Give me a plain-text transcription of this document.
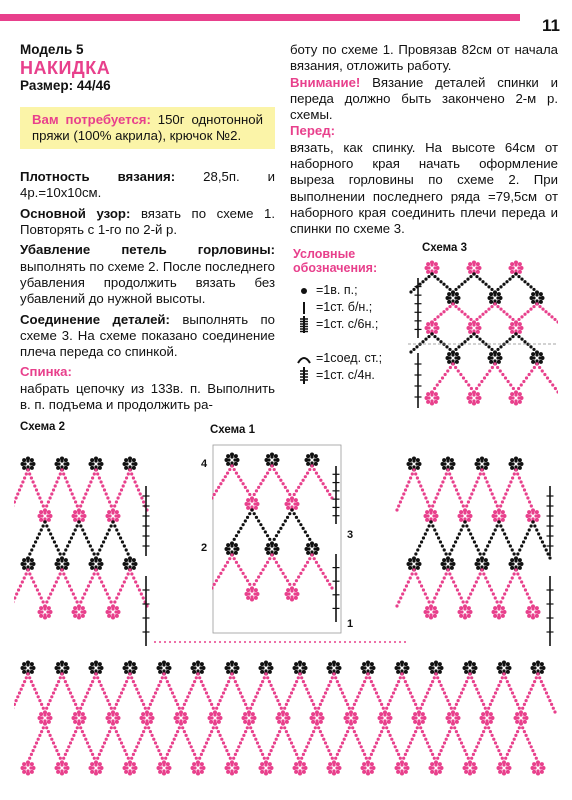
11
Модель 5
НАКИДКА
Размер: 44/46
Вам потребуется: 150г однотонной пряжи (100% акрила), крючок №2.

Плотность вязания: 28,5п. и 4р.=10х10см.

Основной узор: вязать по схеме 1. Повторять с 1-го по 2-й р.

Убавление петель горловины: выполнять по схеме 2. После последнего убавления продолжить вязать без убавлений до нужной высоты.

Соединение деталей: выполнять по схеме 3. На схеме показано соединение плеча переда со спинкой.

Спинка:

набрать цепочку из 133в. п. Выполнить в. п. подъема и продолжить ра-

боту по схеме 1. Провязав 82см от начала вязания, отложить работу.

Внимание! Вязание деталей спинки и переда должно быть закончено 2-м р. схемы.

Перед:

вязать, как спинку. На высоте 64см от наборного края начать оформление выреза горловины по схеме 2. При выполнении последнего ряда =79,5см от наборного края соединить плечи переда и спинки по схеме 3.

Условные
обозначения:
=1в. п.;
=1ст. б/н.;
=1ст. с/6н.;
=1соед. ст.;
=1ст. с/4н.
Схема 3
Схема 2	Схема 1
4
2
3
1
